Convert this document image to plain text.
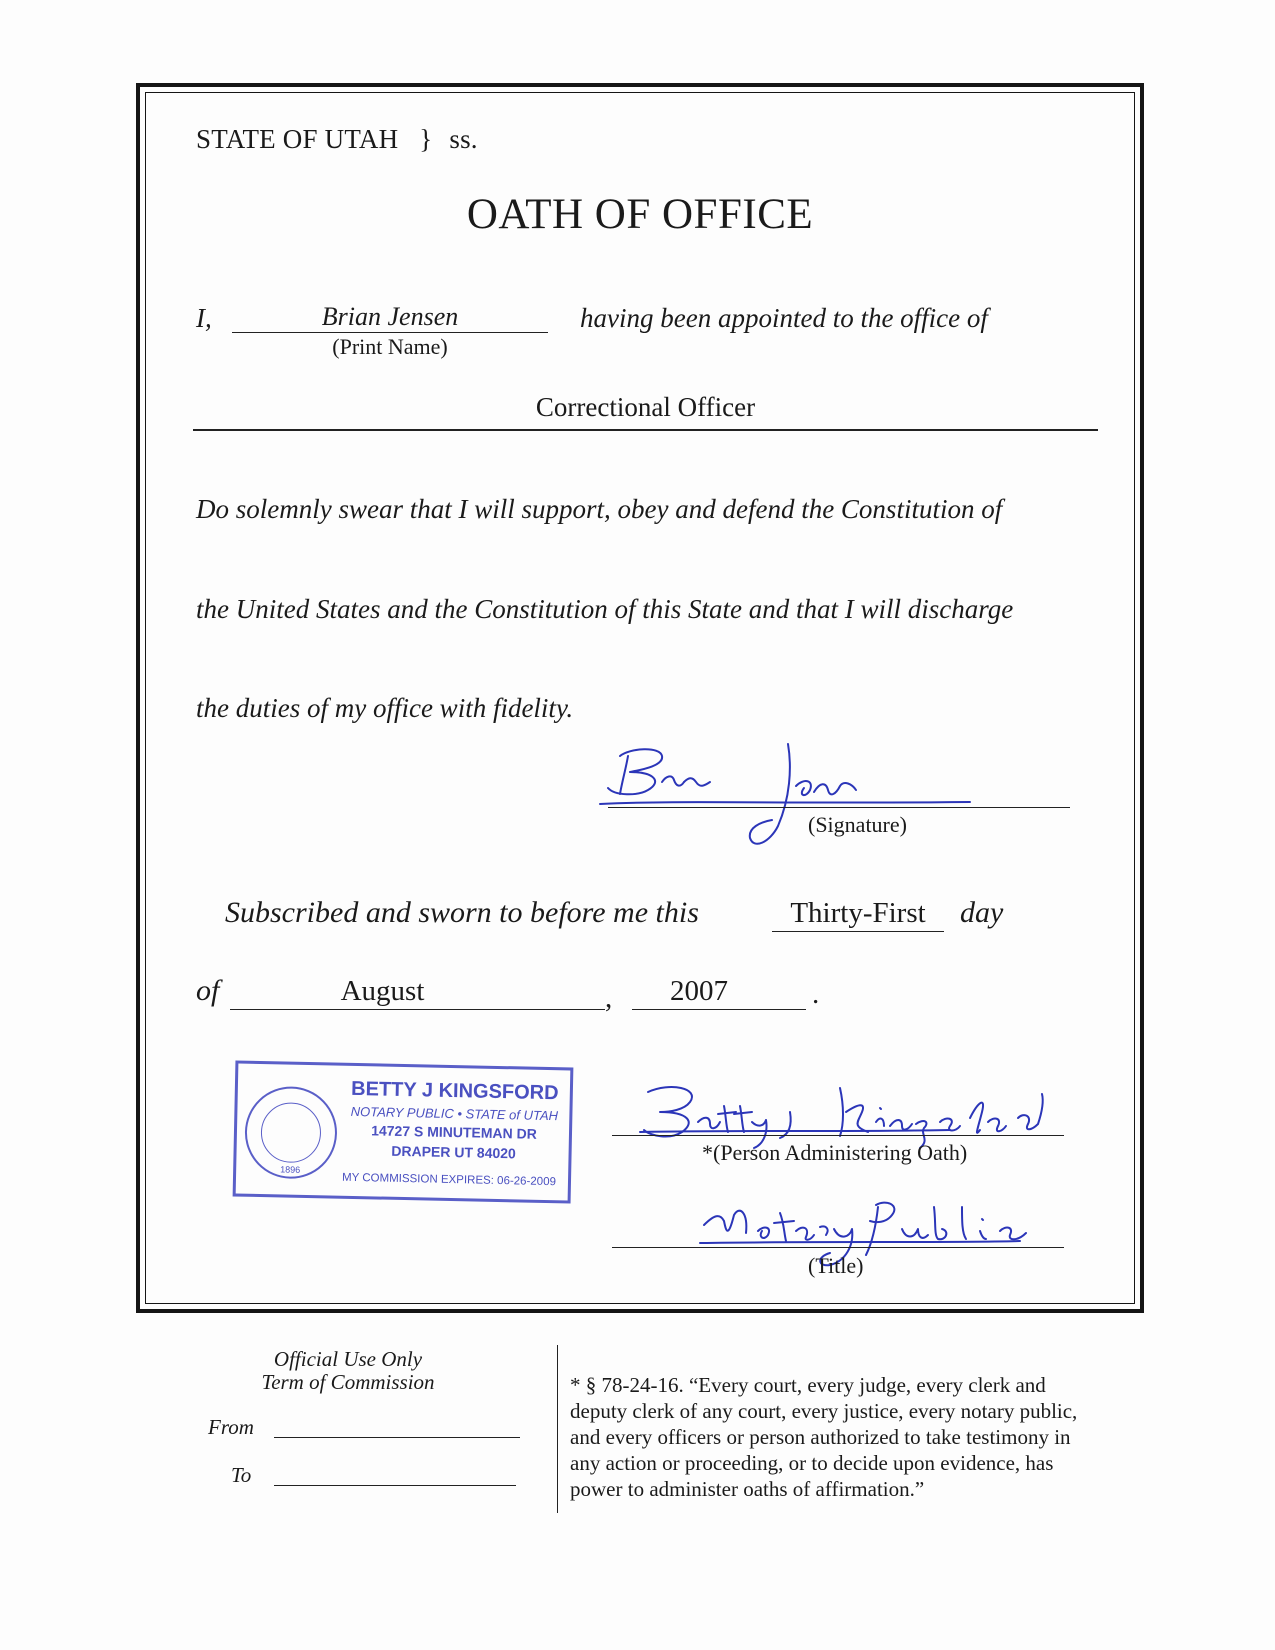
STATE OF UTAH } ss.
OATH OF OFFICE
I,	Brian Jensen
(Print Name)
having been appointed to the office of
Correctional Officer
Do solemnly swear that I will support, obey and defend the Constitution of
the United States and the Constitution of this State and that I will discharge
the duties of my office with fidelity.
(Signature)
Subscribed and sworn to before me this	Thirty-First	day
of	August	,	2007	.
1896
BETTY J KINGSFORD
NOTARY PUBLIC • STATE of UTAH
14727 S MINUTEMAN DR
DRAPER UT 84020
MY COMMISSION EXPIRES: 06-26-2009
*(Person Administering Oath)
(Title)
Official Use Only
Term of Commission
From
To
* § 78-24-16. “Every court, every judge, every clerk and
deputy clerk of any court, every justice, every notary public,
and every officers or person authorized to take testimony in
any action or proceeding, or to decide upon evidence, has
power to administer oaths of affirmation.”
